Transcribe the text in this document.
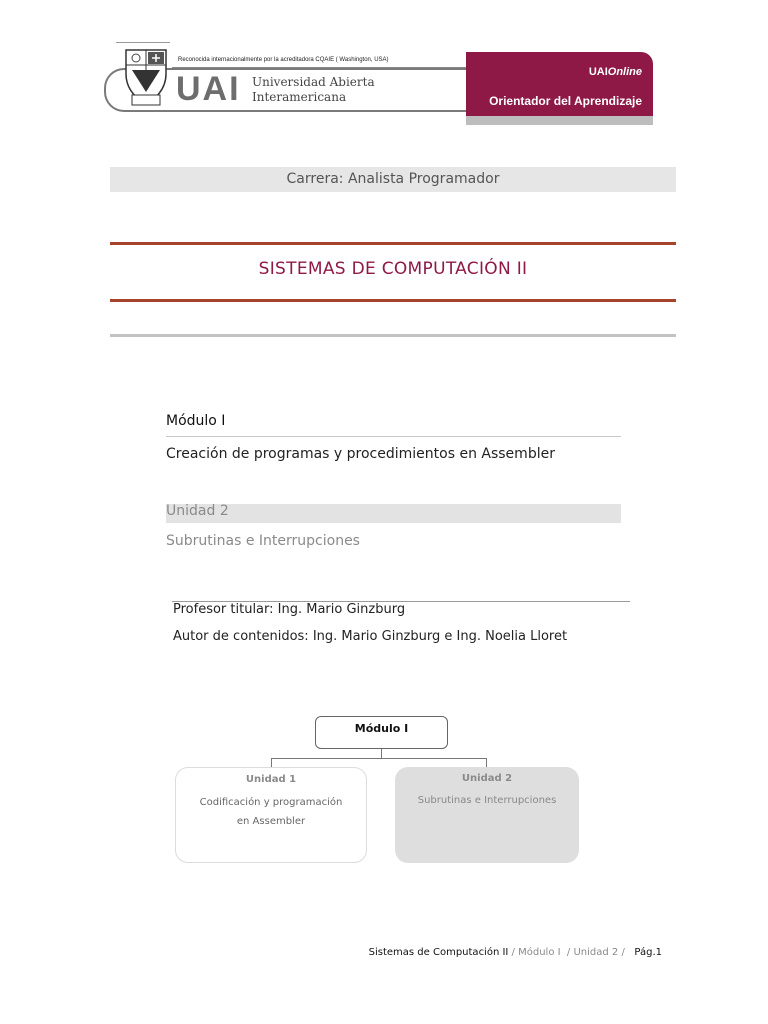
Reconocida internacionalmente por la acreditadora CQAIE ( Washington, USA)
UAI Universidad Abierta
Interamericana
UAIOnline
Orientador del Aprendizaje
Carrera: Analista Programador
SISTEMAS DE COMPUTACIÓN II
Módulo I
Creación de programas y procedimientos en Assembler
Unidad 2
Subrutinas e Interrupciones
Profesor titular: Ing. Mario Ginzburg
Autor de contenidos: Ing. Mario Ginzburg e Ing. Noelia Lloret
Módulo I
Unidad 1
Codificación y programación
en Assembler
Unidad 2
Subrutinas e Interrupciones
Sistemas de Computación II / Módulo I  / Unidad 2 /   Pág.1
